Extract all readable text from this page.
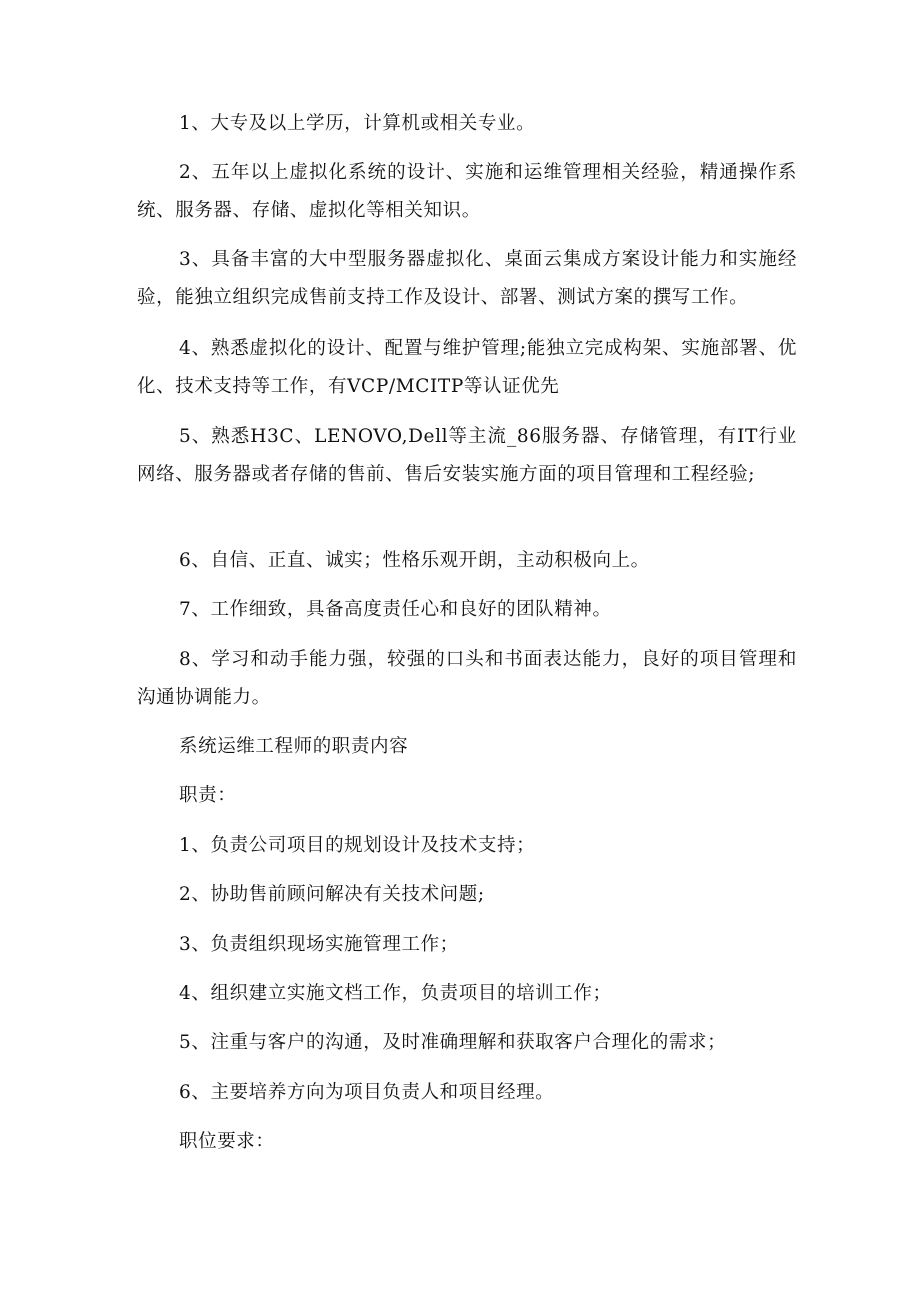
1、大专及以上学历，计算机或相关专业。

2、五年以上虚拟化系统的设计、实施和运维管理相关经验，精通操作系统、服务器、存储、虚拟化等相关知识。

3、具备丰富的大中型服务器虚拟化、桌面云集成方案设计能力和实施经验，能独立组织完成售前支持工作及设计、部署、测试方案的撰写工作。

4、熟悉虚拟化的设计、配置与维护管理;能独立完成构架、实施部署、优化、技术支持等工作，有VCP/MCITP等认证优先

5、熟悉H3C、LENOVO,Dell等主流_86服务器、存储管理，有IT行业网络、服务器或者存储的售前、售后安装实施方面的项目管理和工程经验;

6、自信、正直、诚实；性格乐观开朗，主动积极向上。

7、工作细致，具备高度责任心和良好的团队精神。

8、学习和动手能力强，较强的口头和书面表达能力，良好的项目管理和沟通协调能力。

系统运维工程师的职责内容

职责：

1、负责公司项目的规划设计及技术支持；

2、协助售前顾问解决有关技术问题;

3、负责组织现场实施管理工作；

4、组织建立实施文档工作，负责项目的培训工作；

5、注重与客户的沟通，及时准确理解和获取客户合理化的需求；

6、主要培养方向为项目负责人和项目经理。

职位要求：
